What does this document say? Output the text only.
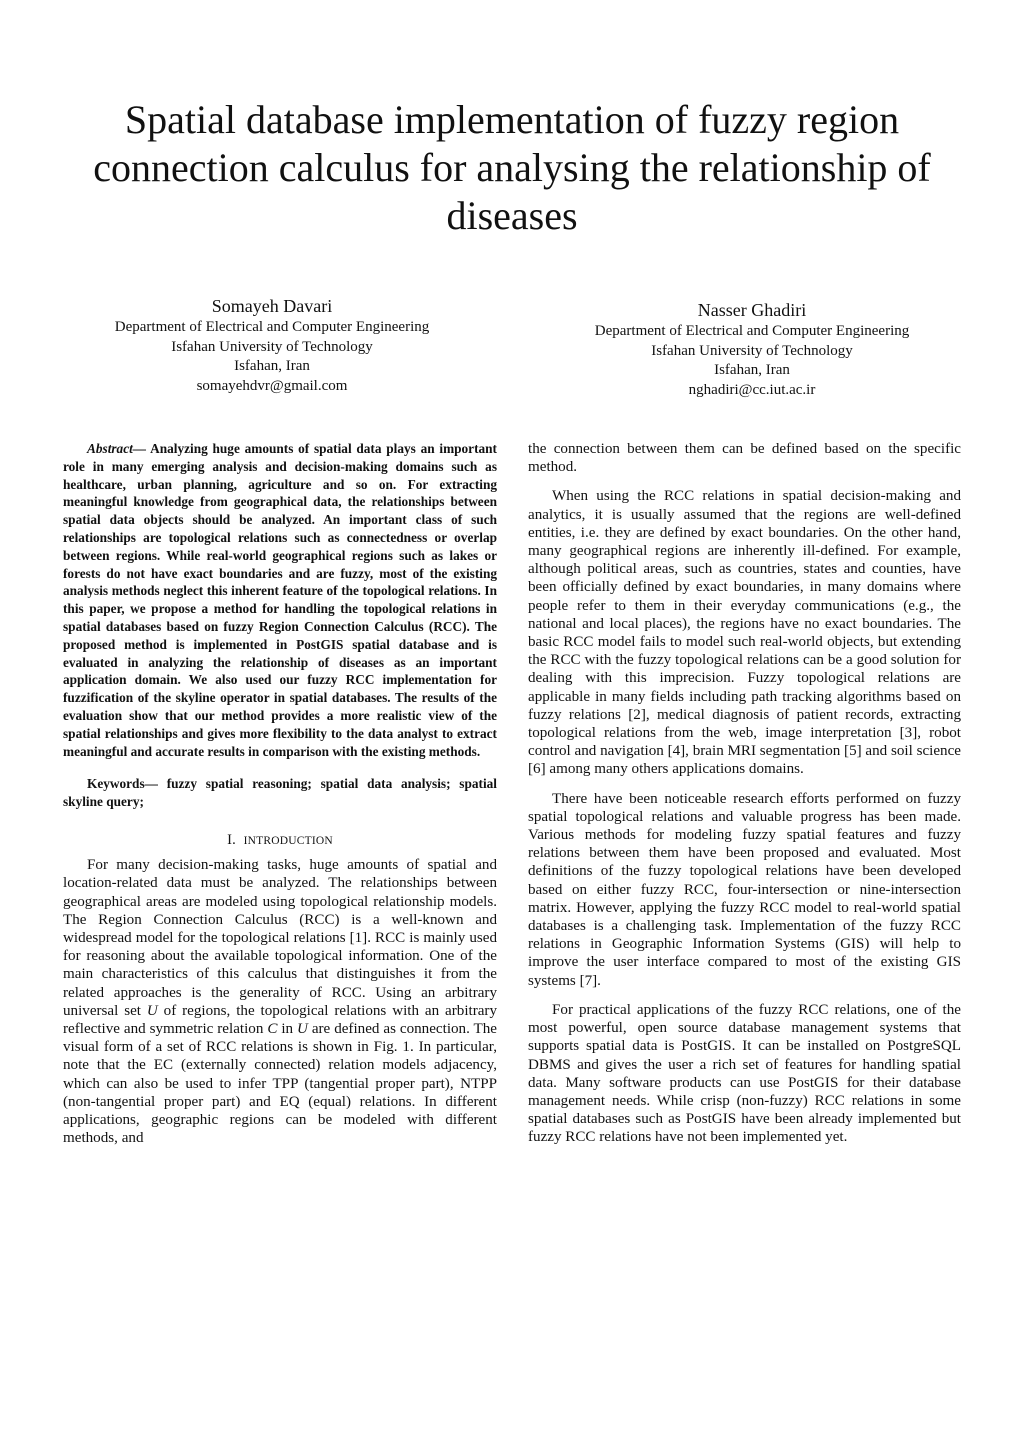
Spatial database implementation of fuzzy region connection calculus for analysing the relationship of diseases
Somayeh Davari
Department of Electrical and Computer Engineering
Isfahan University of Technology
Isfahan, Iran
somayehdvr@gmail.com
Nasser Ghadiri
Department of Electrical and Computer Engineering
Isfahan University of Technology
Isfahan, Iran
nghadiri@cc.iut.ac.ir

Abstract— Analyzing huge amounts of spatial data plays an important role in many emerging analysis and decision-making domains such as healthcare, urban planning, agriculture and so on. For extracting meaningful knowledge from geographical data, the relationships between spatial data objects should be analyzed. An important class of such relationships are topological relations such as connectedness or overlap between regions. While real-world geographical regions such as lakes or forests do not have exact boundaries and are fuzzy, most of the existing analysis methods neglect this inherent feature of the topological relations. In this paper, we propose a method for handling the topological relations in spatial databases based on fuzzy Region Connection Calculus (RCC). The proposed method is implemented in PostGIS spatial database and is evaluated in analyzing the relationship of diseases as an important application domain. We also used our fuzzy RCC implementation for fuzzification of the skyline operator in spatial databases. The results of the evaluation show that our method provides a more realistic view of the spatial relationships and gives more flexibility to the data analyst to extract meaningful and accurate results in comparison with the existing methods.

Keywords— fuzzy spatial reasoning; spatial data analysis; spatial skyline query;

I. INTRODUCTION

For many decision-making tasks, huge amounts of spatial and location-related data must be analyzed. The relationships between geographical areas are modeled using topological relationship models. The Region Connection Calculus (RCC) is a well-known and widespread model for the topological relations [1]. RCC is mainly used for reasoning about the available topological information. One of the main characteristics of this calculus that distinguishes it from the related approaches is the generality of RCC. Using an arbitrary universal set U of regions, the topological relations with an arbitrary reflective and symmetric relation C in U are defined as connection. The visual form of a set of RCC relations is shown in Fig. 1. In particular, note that the EC (externally connected) relation models adjacency, which can also be used to infer TPP (tangential proper part), NTPP (non-tangential proper part) and EQ (equal) relations. In different applications, geographic regions can be modeled with different methods, and

the connection between them can be defined based on the specific method.

When using the RCC relations in spatial decision-making and analytics, it is usually assumed that the regions are well-defined entities, i.e. they are defined by exact boundaries. On the other hand, many geographical regions are inherently ill-defined. For example, although political areas, such as countries, states and counties, have been officially defined by exact boundaries, in many domains where people refer to them in their everyday communications (e.g., the national and local places), the regions have no exact boundaries. The basic RCC model fails to model such real-world objects, but extending the RCC with the fuzzy topological relations can be a good solution for dealing with this imprecision. Fuzzy topological relations are applicable in many fields including path tracking algorithms based on fuzzy relations [2], medical diagnosis of patient records, extracting topological relations from the web, image interpretation [3], robot control and navigation [4], brain MRI segmentation [5] and soil science [6] among many others applications domains.

There have been noticeable research efforts performed on fuzzy spatial topological relations and valuable progress has been made. Various methods for modeling fuzzy spatial features and fuzzy relations between them have been proposed and evaluated. Most definitions of the fuzzy topological relations have been developed based on either fuzzy RCC, four-intersection or nine-intersection matrix. However, applying the fuzzy RCC model to real-world spatial databases is a challenging task. Implementation of the fuzzy RCC relations in Geographic Information Systems (GIS) will help to improve the user interface compared to most of the existing GIS systems [7].

For practical applications of the fuzzy RCC relations, one of the most powerful, open source database management systems that supports spatial data is PostGIS. It can be installed on PostgreSQL DBMS and gives the user a rich set of features for handling spatial data. Many software products can use PostGIS for their database management needs. While crisp (non-fuzzy) RCC relations in some spatial databases such as PostGIS have been already implemented but fuzzy RCC relations have not been implemented yet.
